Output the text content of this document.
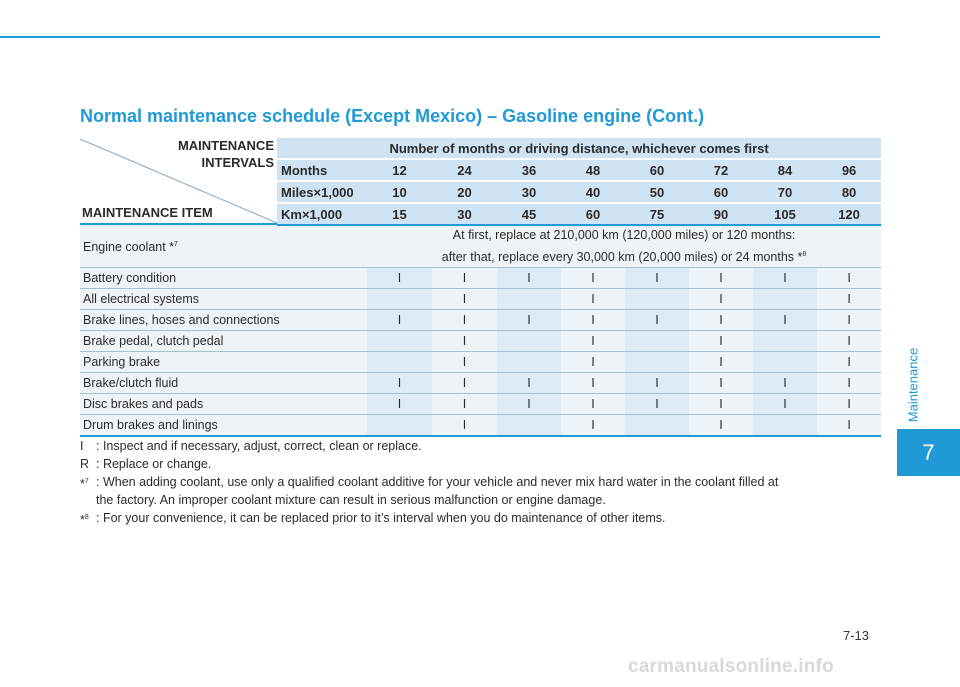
Normal maintenance schedule (Except Mexico) – Gasoline engine (Cont.)
MAINTENANCE
INTERVALS
MAINTENANCE ITEM	Number of months or driving distance, whichever comes first								
	Months	12	24	36	48	60	72	84	96
	Miles×1,000	10	20	30	40	50	60	70	80
	Km×1,000	15	30	45	60	75	90	105	120
Engine coolant *$^7$		At first, replace at 210,000 km (120,000 miles) or 120 months:
after that, replace every 30,000 km (20,000 miles) or 24 months *$^8$

Battery condition		I	I	I	I	I	I	I	I
All electrical systems			I		I		I		I
Brake lines, hoses and connections		I	I	I	I	I	I	I	I
Brake pedal, clutch pedal			I		I		I		I
Parking brake			I		I		I		I
Brake/clutch fluid		I	I	I	I	I	I	I	I
Disc brakes and pads		I	I	I	I	I	I	I	I
Drum brakes and linings			I		I		I		I
I : Inspect and if necessary, adjust, correct, clean or replace.
R : Replace or change.
*$^7$ : When adding coolant, use only a qualified coolant additive for your vehicle and never mix hard water in the coolant filled at
the factory. An improper coolant mixture can result in serious malfunction or engine damage.
*$^8$ : For your convenience, it can be replaced prior to it’s interval when you do maintenance of other items.
Maintenance
7
7-13
carmanualsonline.info
